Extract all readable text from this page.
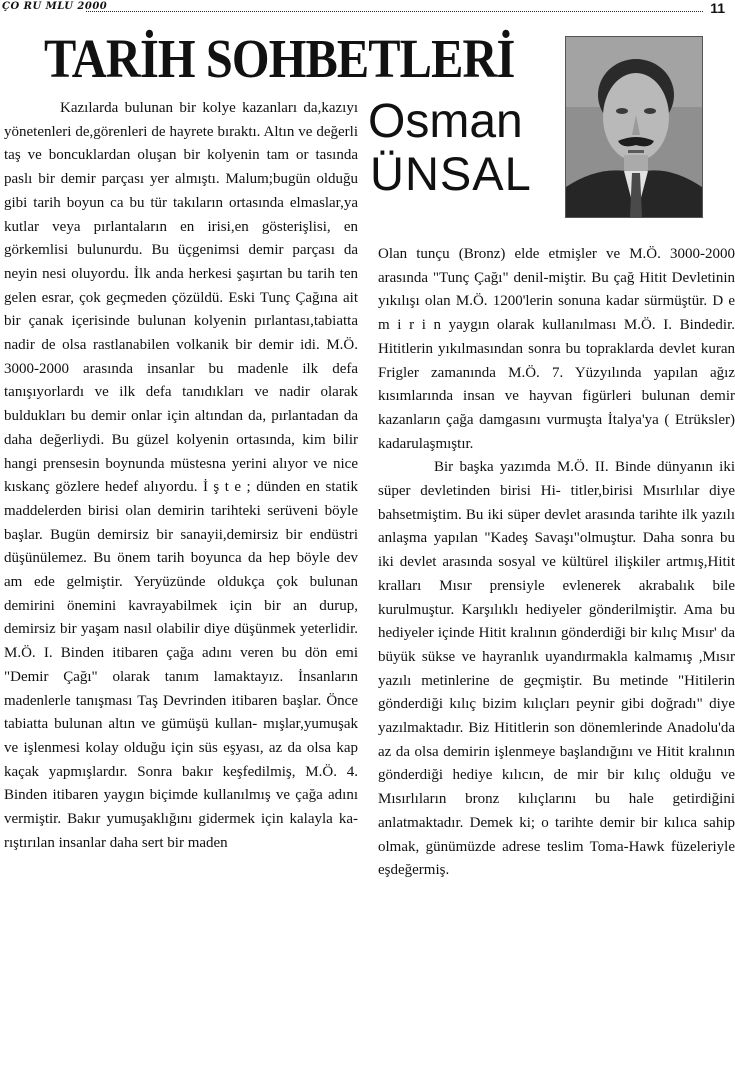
ÇO RU MLU 2000	11
TARİH SOHBETLERİ
Osman
ÜNSAL

Kazılarda bulunan bir kolye kazanları da,kazıyı yönetenleri de,görenleri de hayrete bıraktı. Altın ve değerli taş ve boncuklardan oluşan bir kolyenin tam or tasında paslı bir demir parçası yer almıştı. Malum;bugün olduğu gibi tarih boyun ca bu tür takıların ortasında elmaslar,ya kutlar veya pırlantaların en irisi,en gösterişlisi, en görkemlisi bulunurdu. Bu üçgenimsi demir parçası da neyin nesi oluyordu. İlk anda herkesi şaşırtan bu tarih ten gelen esrar, çok geçmeden çözüldü. Eski Tunç Çağına ait bir çanak içerisinde bulunan kolyenin pırlantası,tabiatta nadir de olsa rastlanabilen volkanik bir demir idi. M.Ö. 3000-2000 arasında insanlar bu madenle ilk defa tanışıyorlardı ve ilk defa tanıdıkları ve nadir olarak buldukları bu demir onlar için altından da, pırlantadan da daha değerliydi. Bu güzel kolyenin ortasında, kim bilir hangi prensesin boynunda müstesna yerini alıyor ve nice kıskanç gözlere hedef alıyordu. İ ş t e ; dünden en statik maddelerden birisi olan demirin tarihteki serüveni böyle başlar. Bugün demirsiz bir sanayii,demirsiz bir endüstri düşünülemez. Bu önem tarih boyunca da hep böyle dev am ede gelmiştir. Yeryüzünde oldukça çok bulunan demirini önemini kavrayabilmek için bir an durup, demirsiz bir yaşam nasıl olabilir diye düşünmek yeterlidir. M.Ö. I. Binden itibaren çağa adını veren bu dön emi "Demir Çağı" olarak tanım lamaktayız. İnsanların madenlerle tanışması Taş Devrinden itibaren başlar. Önce tabiatta bulunan altın ve gümüşü kullan- mışlar,yumuşak ve işlenmesi kolay olduğu için süs eşyası, az da olsa kap kaçak yapmışlardır. Sonra bakır keşfedilmiş, M.Ö. 4. Binden itibaren yaygın biçimde kullanılmış ve çağa adını vermiştir. Bakır yumuşaklığını gidermek için kalayla ka-rıştırılan insanlar daha sert bir maden

Olan tunçu (Bronz) elde etmişler ve M.Ö. 3000-2000 arasında "Tunç Çağı" denil-miştir. Bu çağ Hitit Devletinin yıkılışı olan M.Ö. 1200'lerin sonuna kadar sürmüştür. D e m i r i n yaygın olarak kullanılması M.Ö. I. Bindedir. Hititlerin yıkılmasından sonra bu topraklarda devlet kuran Frigler zamanında M.Ö. 7. Yüzyılında yapılan ağız kısımlarında insan ve hayvan figürleri bulunan demir kazanların çağa damgasını vurmuşta İtalya'ya ( Etrüksler) kadarulaşmıştır.

Bir başka yazımda M.Ö. II. Binde dünyanın iki süper devletinden birisi Hi- titler,birisi Mısırlılar diye bahsetmiştim. Bu iki süper devlet arasında tarihte ilk yazılı anlaşma yapılan "Kadeş Savaşı"olmuştur. Daha sonra bu iki devlet arasında sosyal ve kültürel ilişkiler artmış,Hitit kralları Mısır prensiyle evlenerek akrabalık bile kurulmuştur. Karşılıklı hediyeler gönderilmiştir. Ama bu hediyeler içinde Hitit kralının gönderdiği bir kılıç Mısır' da büyük sükse ve hayranlık uyandırmakla kalmamış ,Mısır yazılı metinlerine de geçmiştir. Bu metinde "Hitilerin gönderdiği kılıç bizim kılıçları peynir gibi doğradı" diye yazılmaktadır. Biz Hititlerin son dönemlerinde Anadolu'da az da olsa demirin işlenmeye başlandığını ve Hitit kralının gönderdiği hediye kılıcın, de mir bir kılıç olduğu ve Mısırlıların bronz kılıçlarını bu hale getirdiğini anlatmaktadır. Demek ki; o tarihte demir bir kılıca sahip olmak, günümüzde adrese teslim Toma-Hawk füzeleriyle eşdeğermiş.
